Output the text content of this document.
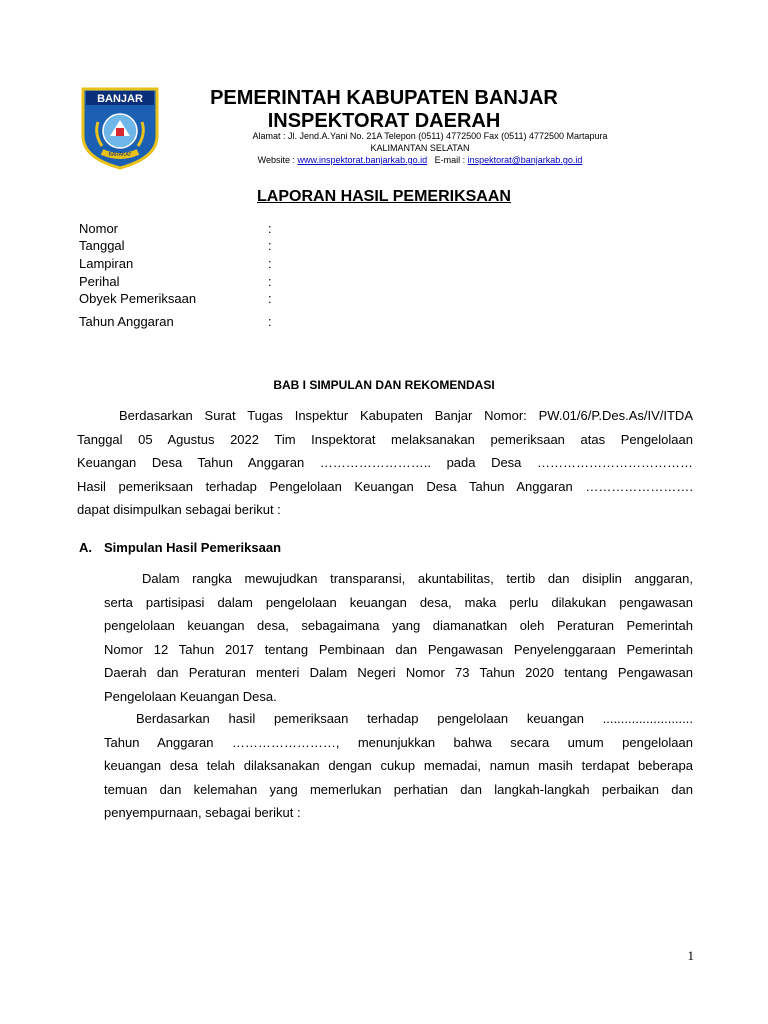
BANJAR
BARAKAT
PEMERINTAH KABUPATEN BANJAR
INSPEKTORAT DAERAH
Alamat : Jl. Jend.A.Yani No. 21A Telepon (0511) 4772500 Fax (0511) 4772500 Martapura
KALIMANTAN SELATAN
Website : www.inspektorat.banjarkab.go.id E-mail : inspektorat@banjarkab.go.id
LAPORAN HASIL PEMERIKSAAN
Nomor
Tanggal
Lampiran
Perihal
Obyek Pemeriksaan
Tahun Anggaran
:
:
:
:
:
:
BAB I SIMPULAN DAN REKOMENDASI
Berdasarkan Surat Tugas Inspektur Kabupaten Banjar Nomor: PW.01/6/P.Des.As/IV/ITDA
Tanggal 05 Agustus 2022 Tim Inspektorat melaksanakan pemeriksaan atas Pengelolaan
Keuangan Desa Tahun Anggaran …………………….. pada Desa ………………………………
Hasil pemeriksaan terhadap Pengelolaan Keuangan Desa Tahun Anggaran …………………….
dapat disimpulkan sebagai berikut :
A. Simpulan Hasil Pemeriksaan
Dalam rangka mewujudkan transparansi, akuntabilitas, tertib dan disiplin anggaran,
serta partisipasi dalam pengelolaan keuangan desa, maka perlu dilakukan pengawasan
pengelolaan keuangan desa, sebagaimana yang diamanatkan oleh Peraturan Pemerintah
Nomor 12 Tahun 2017 tentang Pembinaan dan Pengawasan Penyelenggaraan Pemerintah
Daerah dan Peraturan menteri Dalam Negeri Nomor 73 Tahun 2020 tentang Pengawasan
Pengelolaan Keuangan Desa.
Berdasarkan hasil pemeriksaan terhadap pengelolaan keuangan .........................
Tahun Anggaran ……………………, menunjukkan bahwa secara umum pengelolaan
keuangan desa telah dilaksanakan dengan cukup memadai, namun masih terdapat beberapa
temuan dan kelemahan yang memerlukan perhatian dan langkah-langkah perbaikan dan
penyempurnaan, sebagai berikut :
1
